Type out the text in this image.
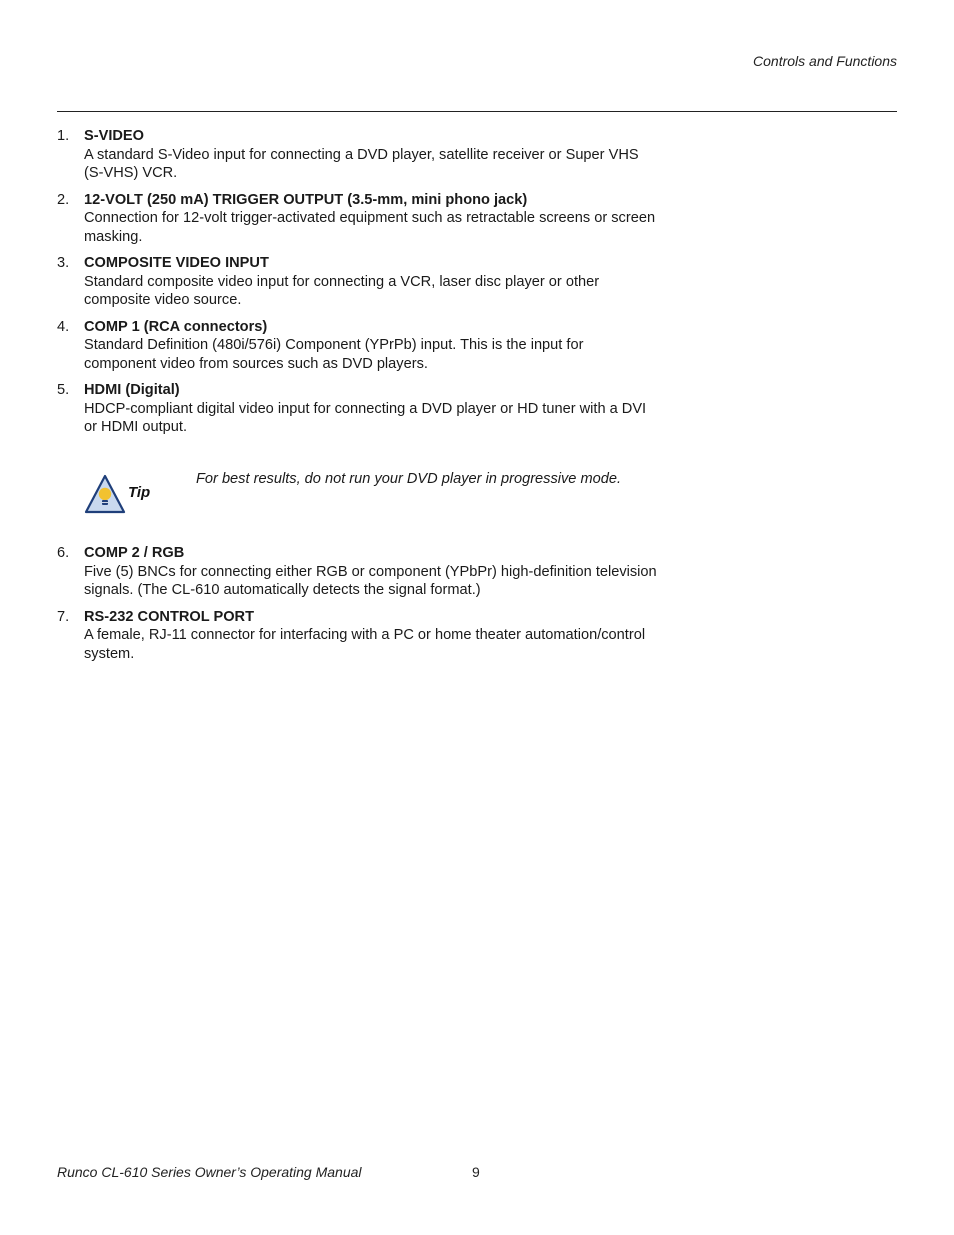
Controls and Functions
1.	S-VIDEO
A standard S-Video input for connecting a DVD player, satellite receiver or Super VHS (S-VHS) VCR.
2.	12-VOLT (250 mA) TRIGGER OUTPUT (3.5-mm, mini phono jack)
Connection for 12-volt trigger-activated equipment such as retractable screens or screen masking.
3.	COMPOSITE VIDEO INPUT
Standard composite video input for connecting a VCR, laser disc player or other composite video source.
4.	COMP 1 (RCA connectors)
Standard Definition (480i/576i) Component (YPrPb) input. This is the input for component video from sources such as DVD players.
5.	HDMI (Digital)
HDCP-compliant digital video input for connecting a DVD player or HD tuner with a DVI or HDMI output.
Tip
For best results, do not run your DVD player in progressive mode.
6.	COMP 2 / RGB
Five (5) BNCs for connecting either RGB or component (YPbPr) high-definition television signals. (The CL-610 automatically detects the signal format.)
7.	RS-232 CONTROL PORT
A female, RJ-11 connector for interfacing with a PC or home theater automation/control system.
Runco CL-610 Series Owner’s Operating Manual	9
